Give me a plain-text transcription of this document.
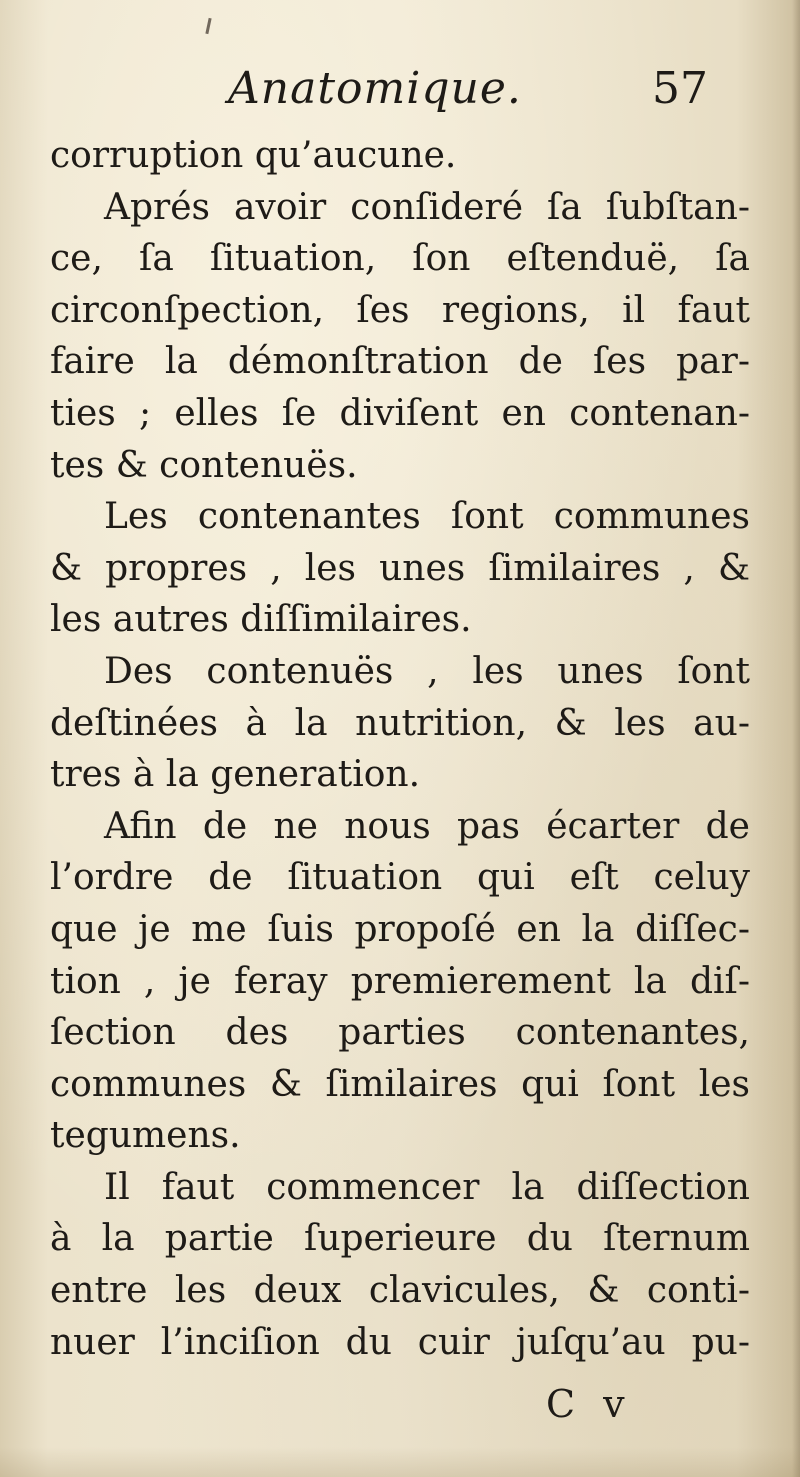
Anatomique.	57
corruption qu’aucune.
Aprés avoir conſideré ſa ſubſtan-
ce, ſa ſituation, ſon eſtenduë, ſa
circonſpection, ſes regions, il faut
faire la démonſtration de ſes par-
ties ; elles ſe diviſent en contenan-
tes & contenuës.
Les contenantes ſont communes
& propres , les unes ſimilaires , &
les autres diſſimilaires.
Des contenuës , les unes ſont
deſtinées à la nutrition, & les au-
tres à la generation.
Afin de ne nous pas écarter de
l’ordre de ſituation qui eſt celuy
que je me ſuis propoſé en la diſſec-
tion , je feray premierement la diſ-
ſection des parties contenantes,
communes & ſimilaires qui ſont les
tegumens.
Il faut commencer la diſſection
à la partie ſuperieure du ſternum
entre les deux clavicules, & conti-
nuer l’inciſion du cuir juſqu’au pu-
C v
